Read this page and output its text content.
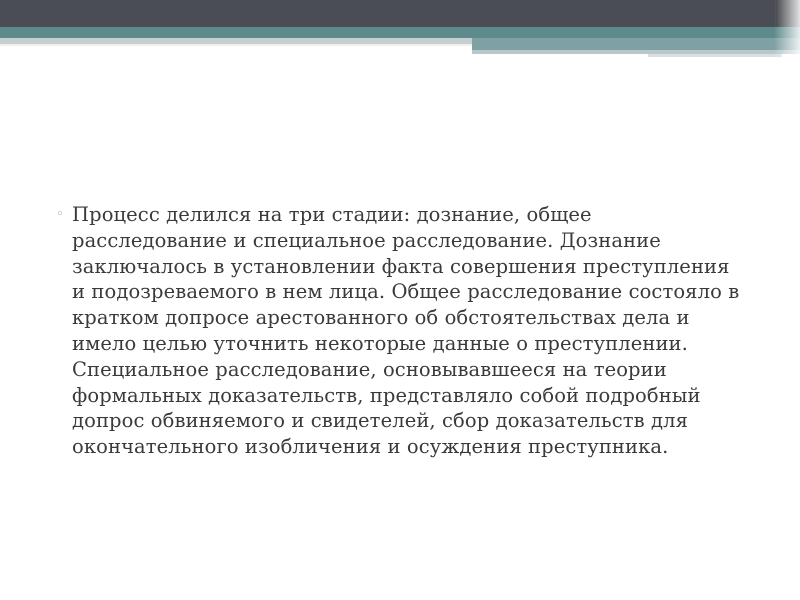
◦ Процесс делился на три стадии: дознание, общее расследование и специальное расследование. Дознание заключалось в установлении факта совершения преступления и подозреваемого в нем лица. Общее расследование состояло в кратком допросе арестованного об обстоятельствах дела и имело целью уточнить некоторые данные о преступлении. Специальное расследование, основывавшееся на теории формальных доказательств, представляло собой подробный допрос обвиняемого и свидетелей, сбор доказательств для окончательного изобличения и осуждения преступника.
